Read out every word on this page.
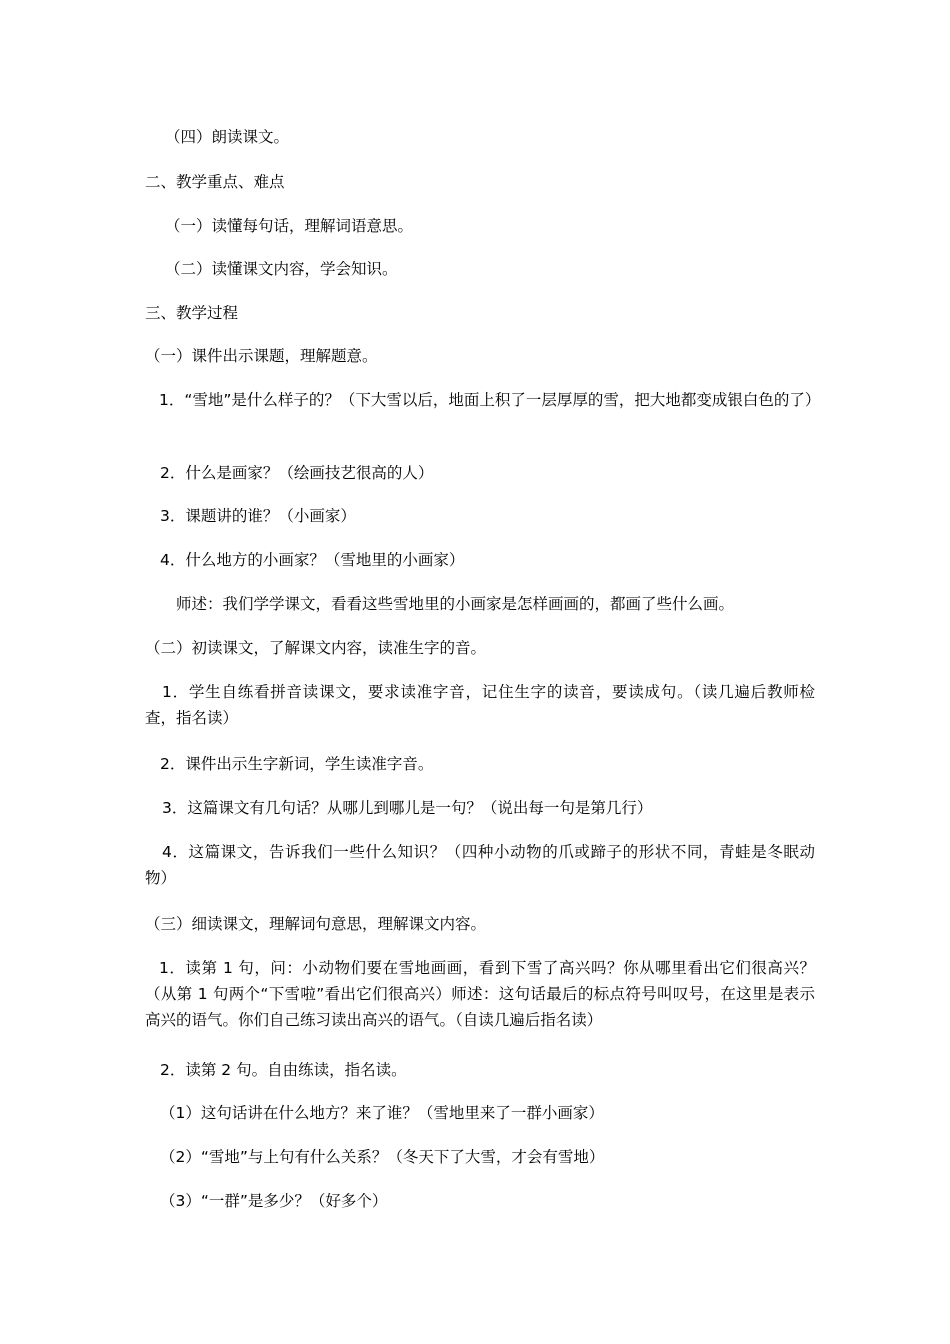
（四）朗读课文。
二、教学重点、难点
（一）读懂每句话，理解词语意思。
（二）读懂课文内容，学会知识。
三、教学过程
（一）课件出示课题，理解题意。
1．“雪地”是什么样子的？（下大雪以后，地面上积了一层厚厚的雪，把大地都变成银白色的了）
2．什么是画家？（绘画技艺很高的人）
3．课题讲的谁？（小画家）
4．什么地方的小画家？（雪地里的小画家）
师述：我们学学课文，看看这些雪地里的小画家是怎样画画的，都画了些什么画。
（二）初读课文，了解课文内容，读准生字的音。
1．学生自练看拼音读课文，要求读准字音，记住生字的读音，要读成句。（读几遍后教师检查，指名读）
2．课件出示生字新词，学生读准字音。
3．这篇课文有几句话？从哪儿到哪儿是一句？（说出每一句是第几行）
4．这篇课文，告诉我们一些什么知识？（四种小动物的爪或蹄子的形状不同，青蛙是冬眠动物）
（三）细读课文，理解词句意思，理解课文内容。
1．读第 1 句，问：小动物们要在雪地画画，看到下雪了高兴吗？你从哪里看出它们很高兴？（从第 1 句两个“下雪啦”看出它们很高兴）师述：这句话最后的标点符号叫叹号，在这里是表示高兴的语气。你们自己练习读出高兴的语气。（自读几遍后指名读）
2．读第 2 句。自由练读，指名读。
（1）这句话讲在什么地方？来了谁？（雪地里来了一群小画家）
（2）“雪地”与上句有什么关系？（冬天下了大雪，才会有雪地）
（3）“一群”是多少？（好多个）
